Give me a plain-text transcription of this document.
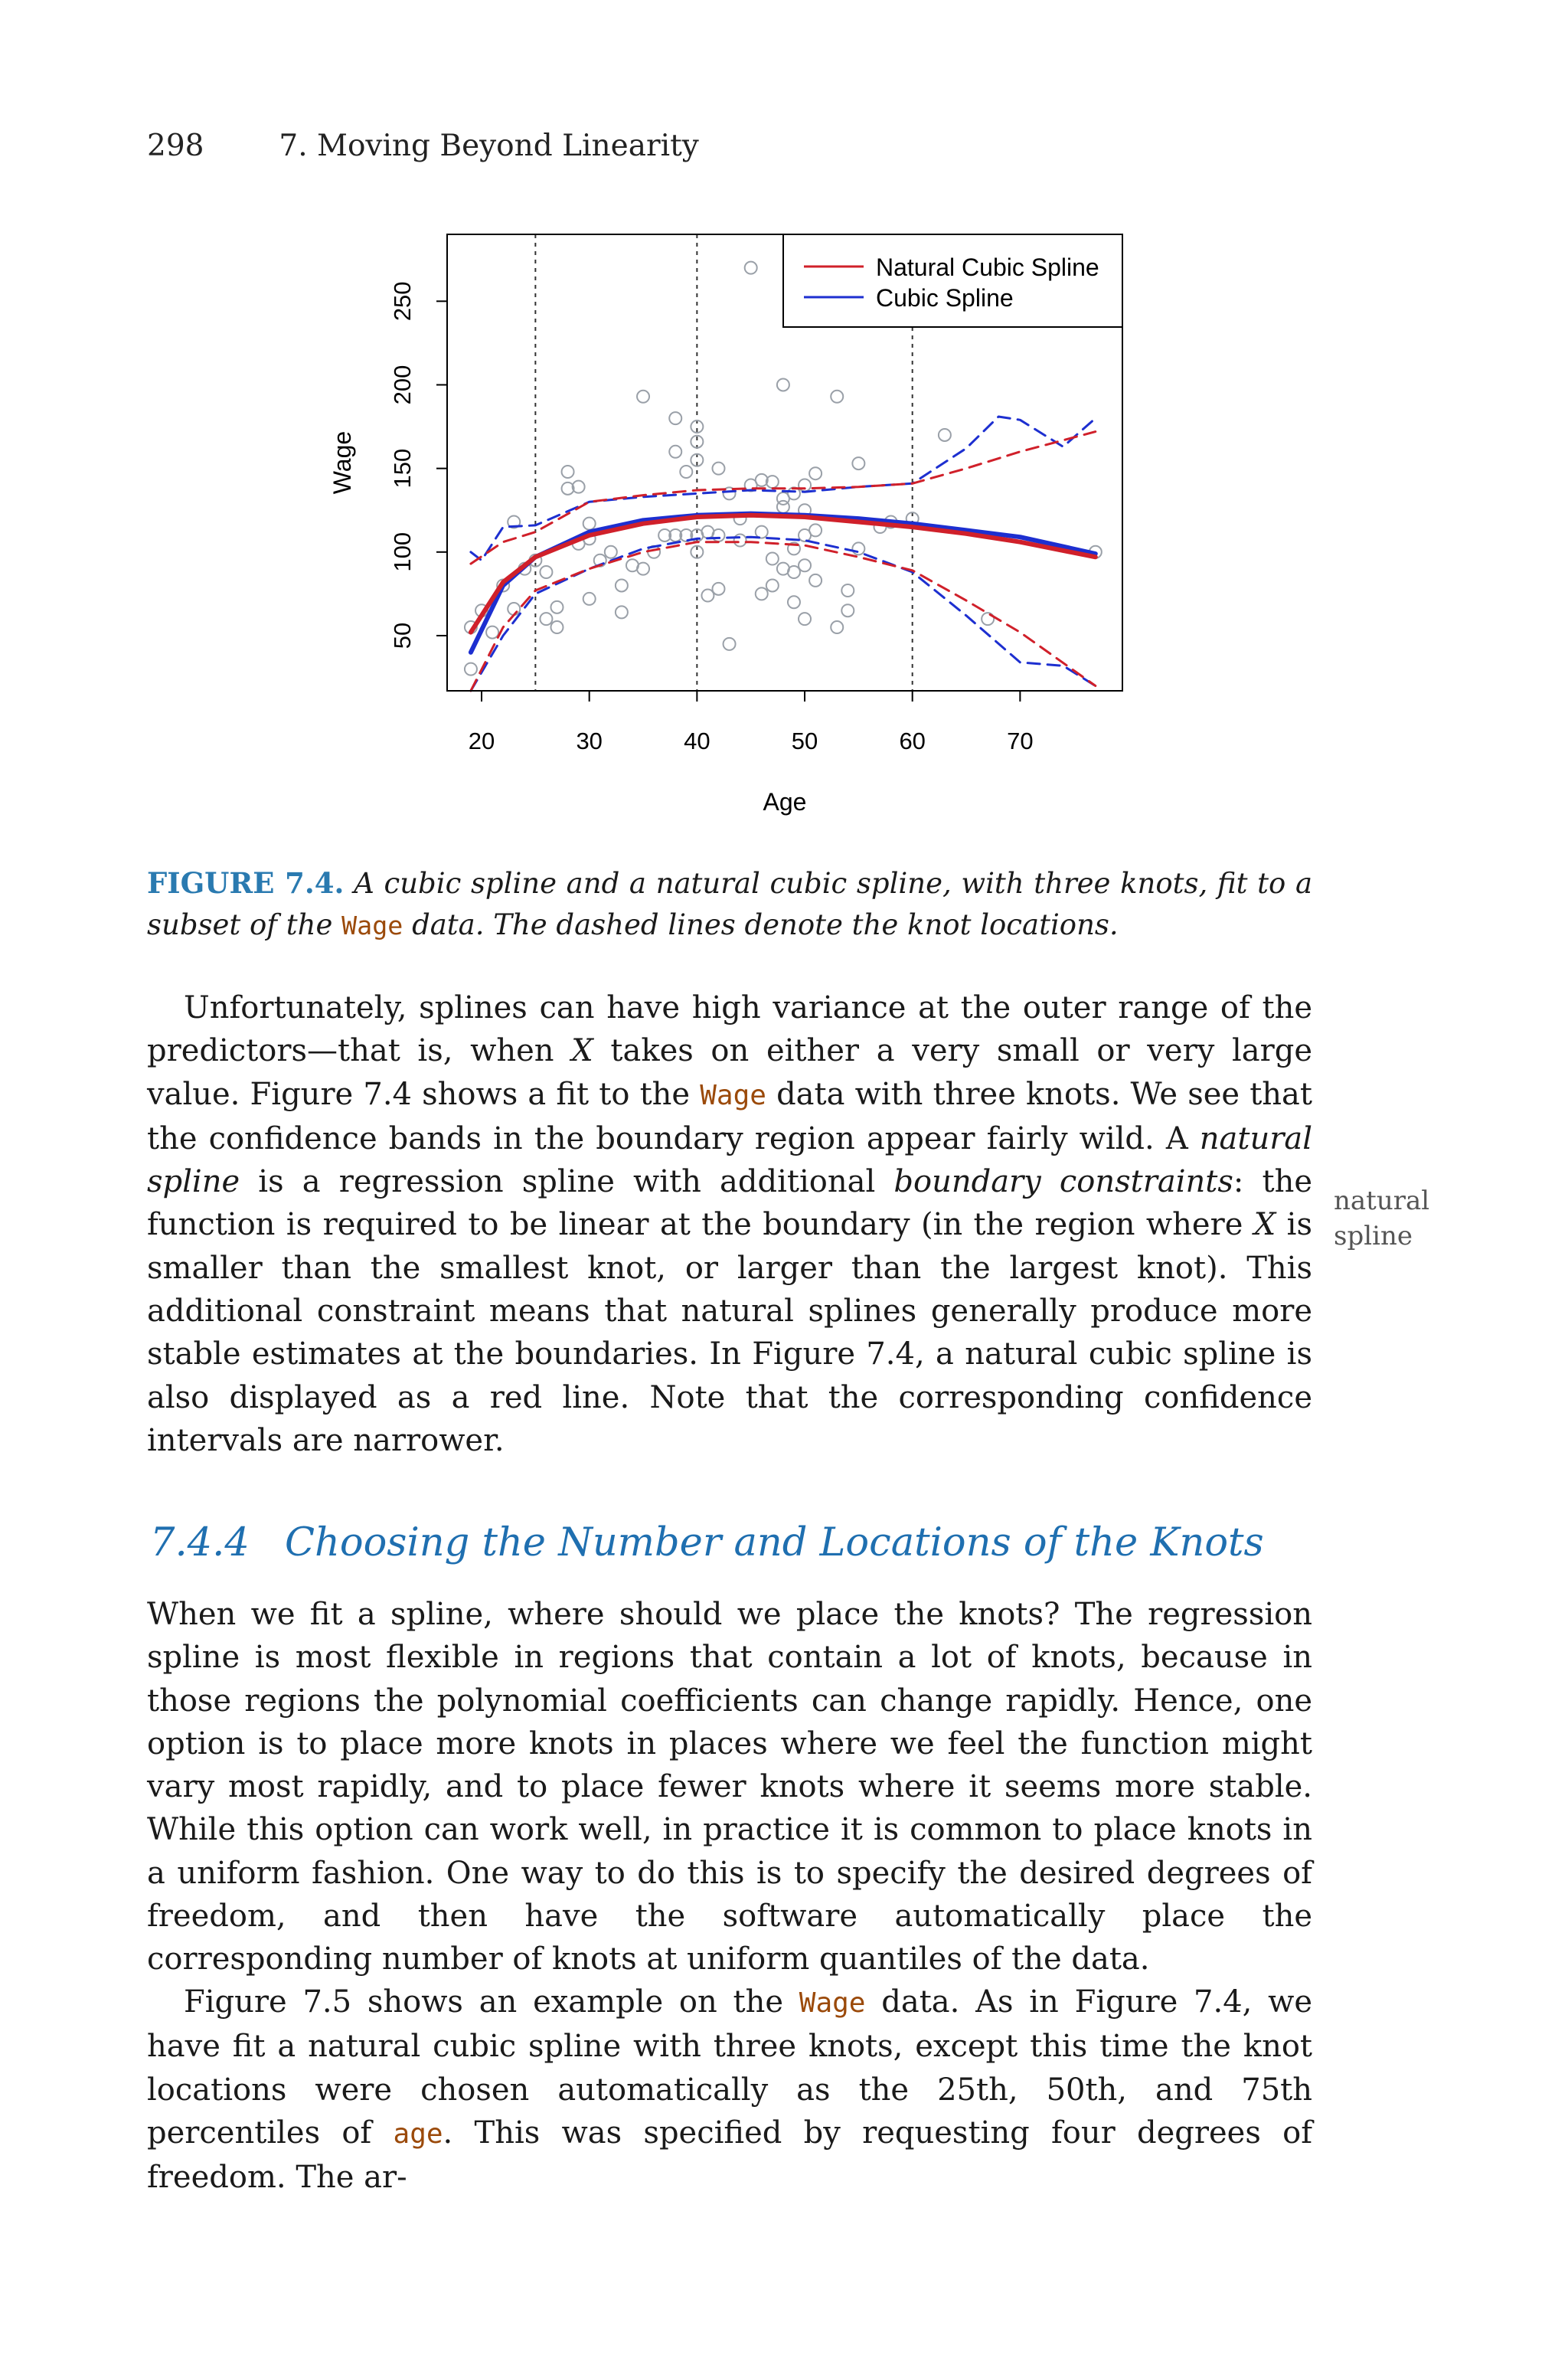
298	7. Moving Beyond Linearity
20	30	40	50	60	70
50
100
150
200
250
Age
Wage
Natural Cubic Spline
Cubic Spline
FIGURE 7.4. A cubic spline and a natural cubic spline, with three knots, fit to a subset of the Wage data. The dashed lines denote the knot locations.

Unfortunately, splines can have high variance at the outer range of the predictors—that is, when X takes on either a very small or very large value. Figure 7.4 shows a fit to the Wage data with three knots. We see that the confidence bands in the boundary region appear fairly wild. A natural spline is a regression spline with additional boundary constraints: the function is required to be linear at the boundary (in the region where X is smaller than the smallest knot, or larger than the largest knot). This additional constraint means that natural splines generally produce more stable estimates at the boundaries. In Figure 7.4, a natural cubic spline is also displayed as a red line. Note that the corresponding confidence intervals are narrower.

natural
spline
7.4.4 Choosing the Number and Locations of the Knots

When we fit a spline, where should we place the knots? The regression spline is most flexible in regions that contain a lot of knots, because in those regions the polynomial coefficients can change rapidly. Hence, one option is to place more knots in places where we feel the function might vary most rapidly, and to place fewer knots where it seems more stable. While this option can work well, in practice it is common to place knots in a uniform fashion. One way to do this is to specify the desired degrees of freedom, and then have the software automatically place the corresponding number of knots at uniform quantiles of the data.

Figure 7.5 shows an example on the Wage data. As in Figure 7.4, we have fit a natural cubic spline with three knots, except this time the knot locations were chosen automatically as the 25th, 50th, and 75th percentiles of age. This was specified by requesting four degrees of freedom. The ar-
